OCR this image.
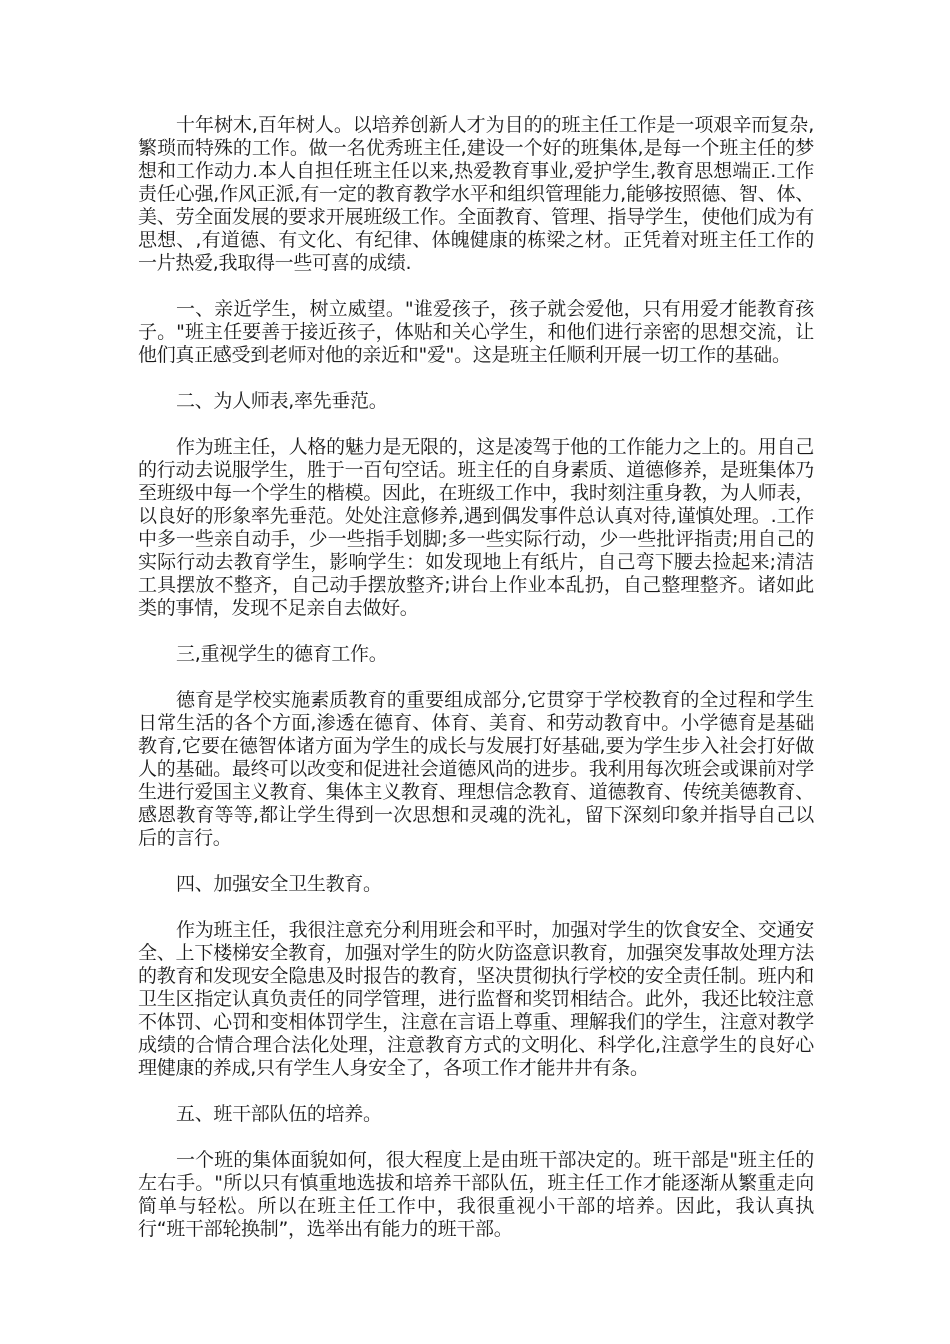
十年树木,百年树人。以培养创新人才为目的的班主任工作是一项艰辛而复杂,繁琐而特殊的工作。做一名优秀班主任,建设一个好的班集体,是每一个班主任的梦想和工作动力.本人自担任班主任以来,热爱教育事业,爱护学生,教育思想端正.工作责任心强,作风正派,有一定的教育教学水平和组织管理能力,能够按照德、智、体、美、劳全面发展的要求开展班级工作。全面教育、管理、指导学生，使他们成为有思想、,有道德、有文化、有纪律、体魄健康的栋梁之材。正凭着对班主任工作的一片热爱,我取得一些可喜的成绩.

一、亲近学生，树立威望。"谁爱孩子，孩子就会爱他，只有用爱才能教育孩子。"班主任要善于接近孩子，体贴和关心学生，和他们进行亲密的思想交流，让他们真正感受到老师对他的亲近和"爱"。这是班主任顺利开展一切工作的基础。

二、为人师表,率先垂范。

作为班主任，人格的魅力是无限的，这是凌驾于他的工作能力之上的。用自己的行动去说服学生，胜于一百句空话。班主任的自身素质、道德修养，是班集体乃至班级中每一个学生的楷模。因此，在班级工作中，我时刻注重身教，为人师表，以良好的形象率先垂范。处处注意修养,遇到偶发事件总认真对待,谨慎处理。.工作中多一些亲自动手，少一些指手划脚;多一些实际行动，少一些批评指责;用自己的实际行动去教育学生，影响学生：如发现地上有纸片，自己弯下腰去捡起来;清洁工具摆放不整齐，自己动手摆放整齐;讲台上作业本乱扔，自己整理整齐。诸如此类的事情，发现不足亲自去做好。

三,重视学生的德育工作。

德育是学校实施素质教育的重要组成部分,它贯穿于学校教育的全过程和学生日常生活的各个方面,渗透在德育、体育、美育、和劳动教育中。小学德育是基础教育,它要在德智体诸方面为学生的成长与发展打好基础,要为学生步入社会打好做人的基础。最终可以改变和促进社会道德风尚的进步。我利用每次班会或课前对学生进行爱国主义教育、集体主义教育、理想信念教育、道德教育、传统美德教育、感恩教育等等,都让学生得到一次思想和灵魂的洗礼，留下深刻印象并指导自己以后的言行。

四、加强安全卫生教育。

作为班主任，我很注意充分利用班会和平时，加强对学生的饮食安全、交通安全、上下楼梯安全教育，加强对学生的防火防盗意识教育，加强突发事故处理方法的教育和发现安全隐患及时报告的教育，坚决贯彻执行学校的安全责任制。班内和卫生区指定认真负责任的同学管理，进行监督和奖罚相结合。此外，我还比较注意不体罚、心罚和变相体罚学生，注意在言语上尊重、理解我们的学生，注意对教学成绩的合情合理合法化处理，注意教育方式的文明化、科学化,注意学生的良好心理健康的养成,只有学生人身安全了，各项工作才能井井有条。

五、班干部队伍的培养。

一个班的集体面貌如何，很大程度上是由班干部决定的。班干部是"班主任的左右手。"所以只有慎重地选拔和培养干部队伍，班主任工作才能逐渐从繁重走向简单与轻松。所以在班主任工作中，我很重视小干部的培养。因此，我认真执行“班干部轮换制”，选举出有能力的班干部。
